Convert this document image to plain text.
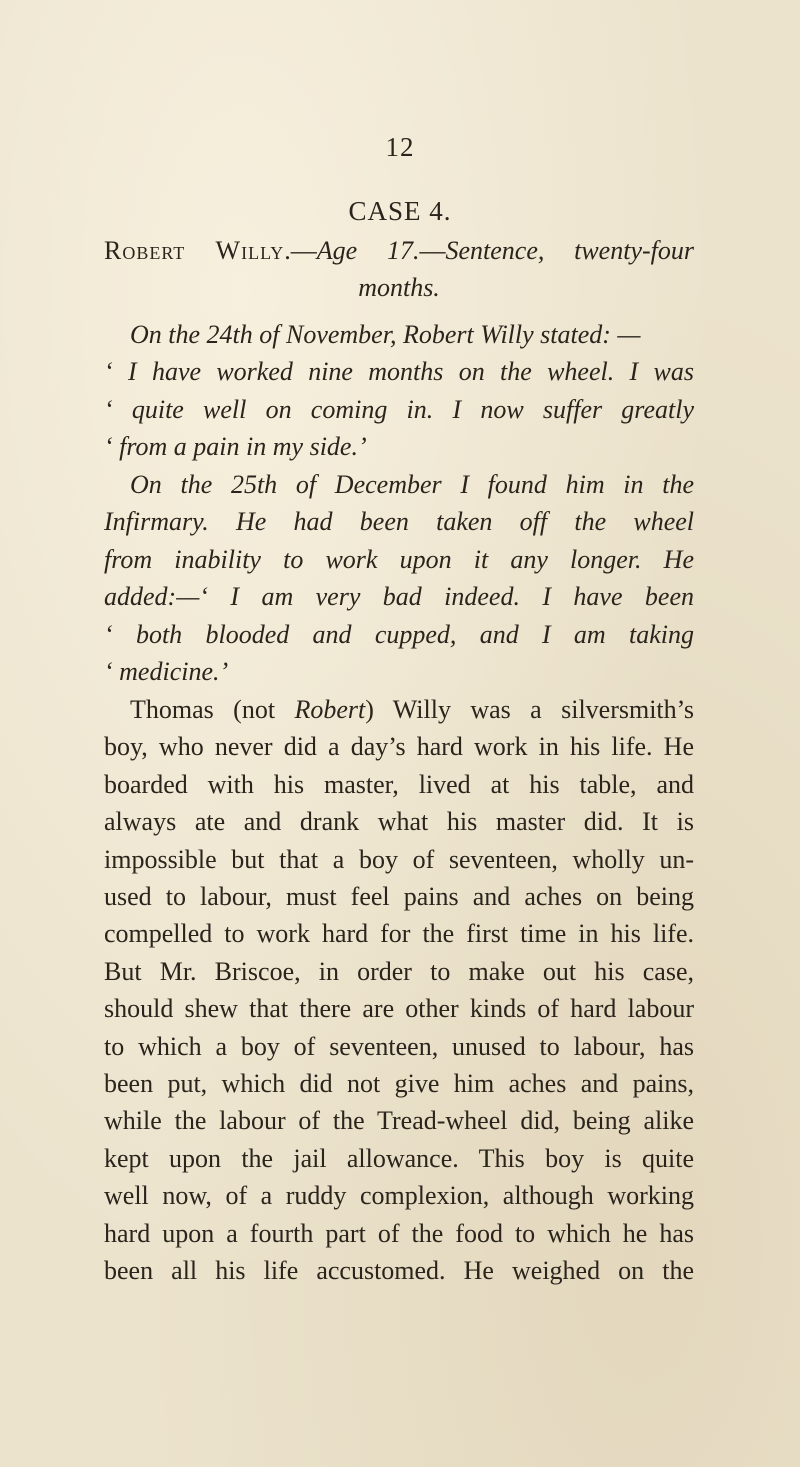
12
CASE 4.
Robert Willy.—Age 17.—Sentence, twenty-four
months.
On the 24th of November, Robert Willy stated: —
‘ I have worked nine months on the wheel. I was
‘ quite well on coming in. I now suffer greatly
‘ from a pain in my side.’
On the 25th of December I found him in the
Infirmary. He had been taken off the wheel
from inability to work upon it any longer. He
added:—‘ I am very bad indeed. I have been
‘ both blooded and cupped, and I am taking
‘ medicine.’
Thomas (not Robert) Willy was a silversmith’s
boy, who never did a day’s hard work in his life. He
boarded with his master, lived at his table, and
always ate and drank what his master did. It is
impossible but that a boy of seventeen, wholly un-
used to labour, must feel pains and aches on being
compelled to work hard for the first time in his life.
But Mr. Briscoe, in order to make out his case,
should shew that there are other kinds of hard labour
to which a boy of seventeen, unused to labour, has
been put, which did not give him aches and pains,
while the labour of the Tread-wheel did, being alike
kept upon the jail allowance. This boy is quite
well now, of a ruddy complexion, although working
hard upon a fourth part of the food to which he has
been all his life accustomed. He weighed on the
